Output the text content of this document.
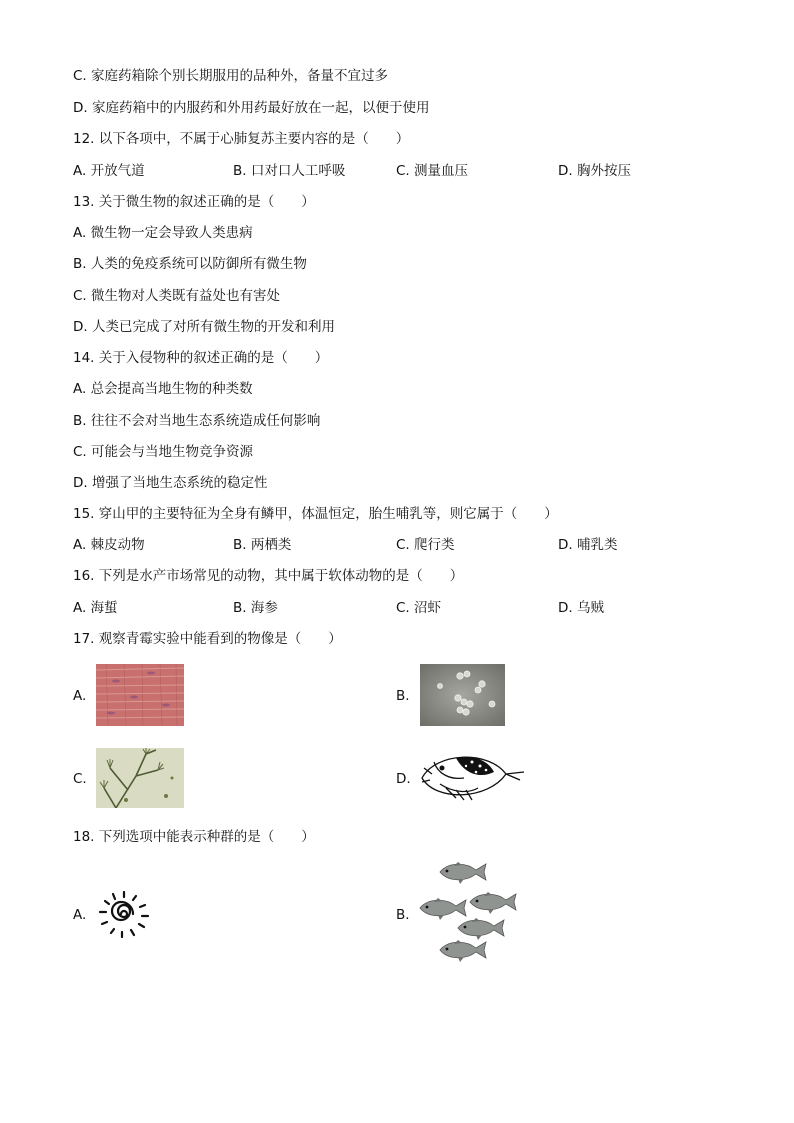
C. 家庭药箱除个别长期服用的品种外，备量不宜过多
D. 家庭药箱中的内服药和外用药最好放在一起，以便于使用
12. 以下各项中，不属于心肺复苏主要内容的是（　　）
A. 开放气道	B. 口对口人工呼吸	C. 测量血压	D. 胸外按压
13. 关于微生物的叙述正确的是（　　）
A. 微生物一定会导致人类患病
B. 人类的免疫系统可以防御所有微生物
C. 微生物对人类既有益处也有害处
D. 人类已完成了对所有微生物的开发和利用
14. 关于入侵物种的叙述正确的是（　　）
A. 总会提高当地生物的种类数
B. 往往不会对当地生态系统造成任何影响
C. 可能会与当地生物竞争资源
D. 增强了当地生态系统的稳定性
15. 穿山甲的主要特征为全身有鳞甲，体温恒定，胎生哺乳等，则它属于（　　）
A. 棘皮动物	B. 两栖类	C. 爬行类	D. 哺乳类
16. 下列是水产市场常见的动物，其中属于软体动物的是（　　）
A. 海蜇	B. 海参	C. 沼虾	D. 乌贼
17. 观察青霉实验中能看到的物像是（　　）
A.	B.
C.	D.
18. 下列选项中能表示种群的是（　　）
A.	B.
